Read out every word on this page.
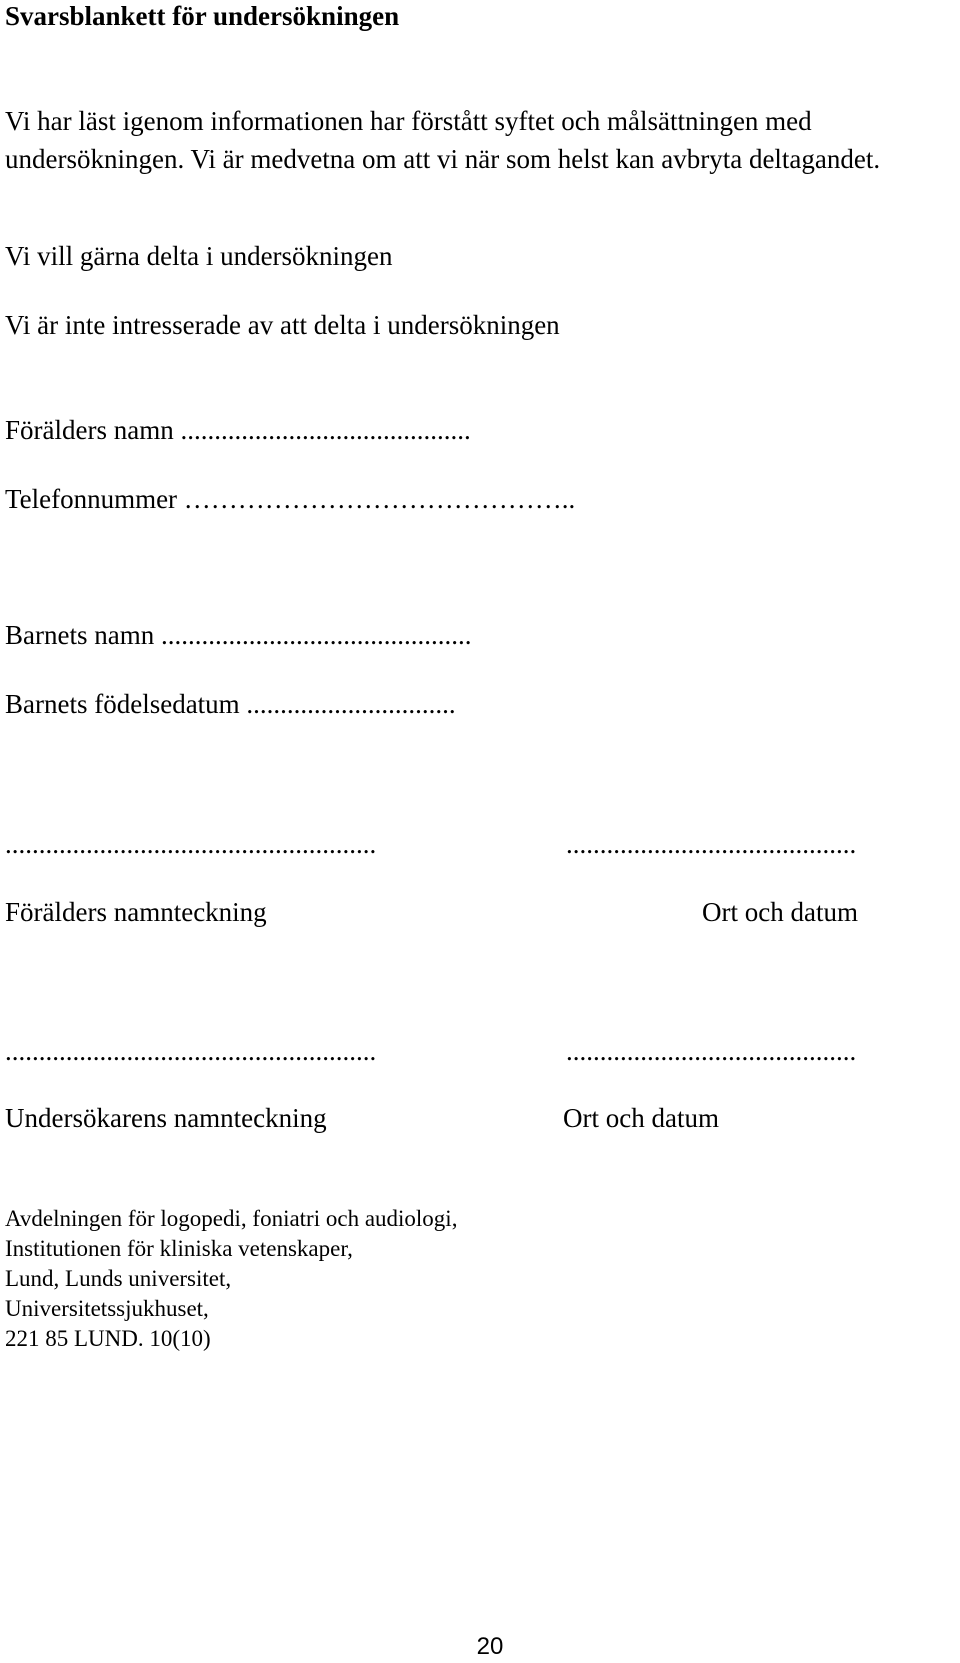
Svarsblankett för undersökningen
Vi har läst igenom informationen har förstått syftet och målsättningen med undersökningen. Vi är medvetna om att vi när som helst kan avbryta deltagandet.
Vi vill gärna delta i undersökningen
Vi är inte intresserade av att delta i undersökningen
Förälders namn ...........................................
Telefonnummer ……………………………………..
Barnets namn ..............................................
Barnets födelsedatum ...............................
.......................................................	...........................................
Förälders namnteckning	Ort och datum
.......................................................	...........................................
Undersökarens namnteckning	Ort och datum
Avdelningen för logopedi, foniatri och audiologi,
Institutionen för kliniska vetenskaper,
Lund, Lunds universitet,
Universitetssjukhuset,
221 85 LUND. 10(10)
20
